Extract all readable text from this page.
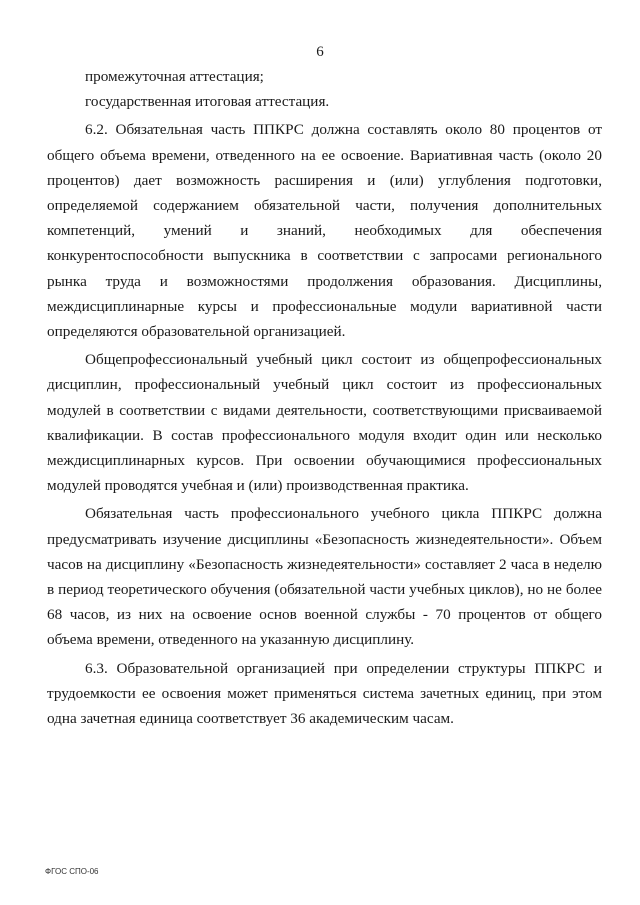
6

промежуточная аттестация;

государственная итоговая аттестация.

6.2. Обязательная часть ППКРС должна составлять около 80 процентов от общего объема времени, отведенного на ее освоение. Вариативная часть (около 20 процентов) дает возможность расширения и (или) углубления подготовки, определяемой содержанием обязательной части, получения дополнительных компетенций, умений и знаний, необходимых для обеспечения конкурентоспособности выпускника в соответствии с запросами регионального рынка труда и возможностями продолжения образования. Дисциплины, междисциплинарные курсы и профессиональные модули вариативной части определяются образовательной организацией.

Общепрофессиональный учебный цикл состоит из общепрофессиональных дисциплин, профессиональный учебный цикл состоит из профессиональных модулей в соответствии с видами деятельности, соответствующими присваиваемой квалификации. В состав профессионального модуля входит один или несколько междисциплинарных курсов. При освоении обучающимися профессиональных модулей проводятся учебная и (или) производственная практика.

Обязательная часть профессионального учебного цикла ППКРС должна предусматривать изучение дисциплины «Безопасность жизнедеятельности». Объем часов на дисциплину «Безопасность жизнедеятельности» составляет 2 часа в неделю в период теоретического обучения (обязательной части учебных циклов), но не более 68 часов, из них на освоение основ военной службы - 70 процентов от общего объема времени, отведенного на указанную дисциплину.

6.3. Образовательной организацией при определении структуры ППКРС и трудоемкости ее освоения может применяться система зачетных единиц, при этом одна зачетная единица соответствует 36 академическим часам.

ФГОС СПО-06
